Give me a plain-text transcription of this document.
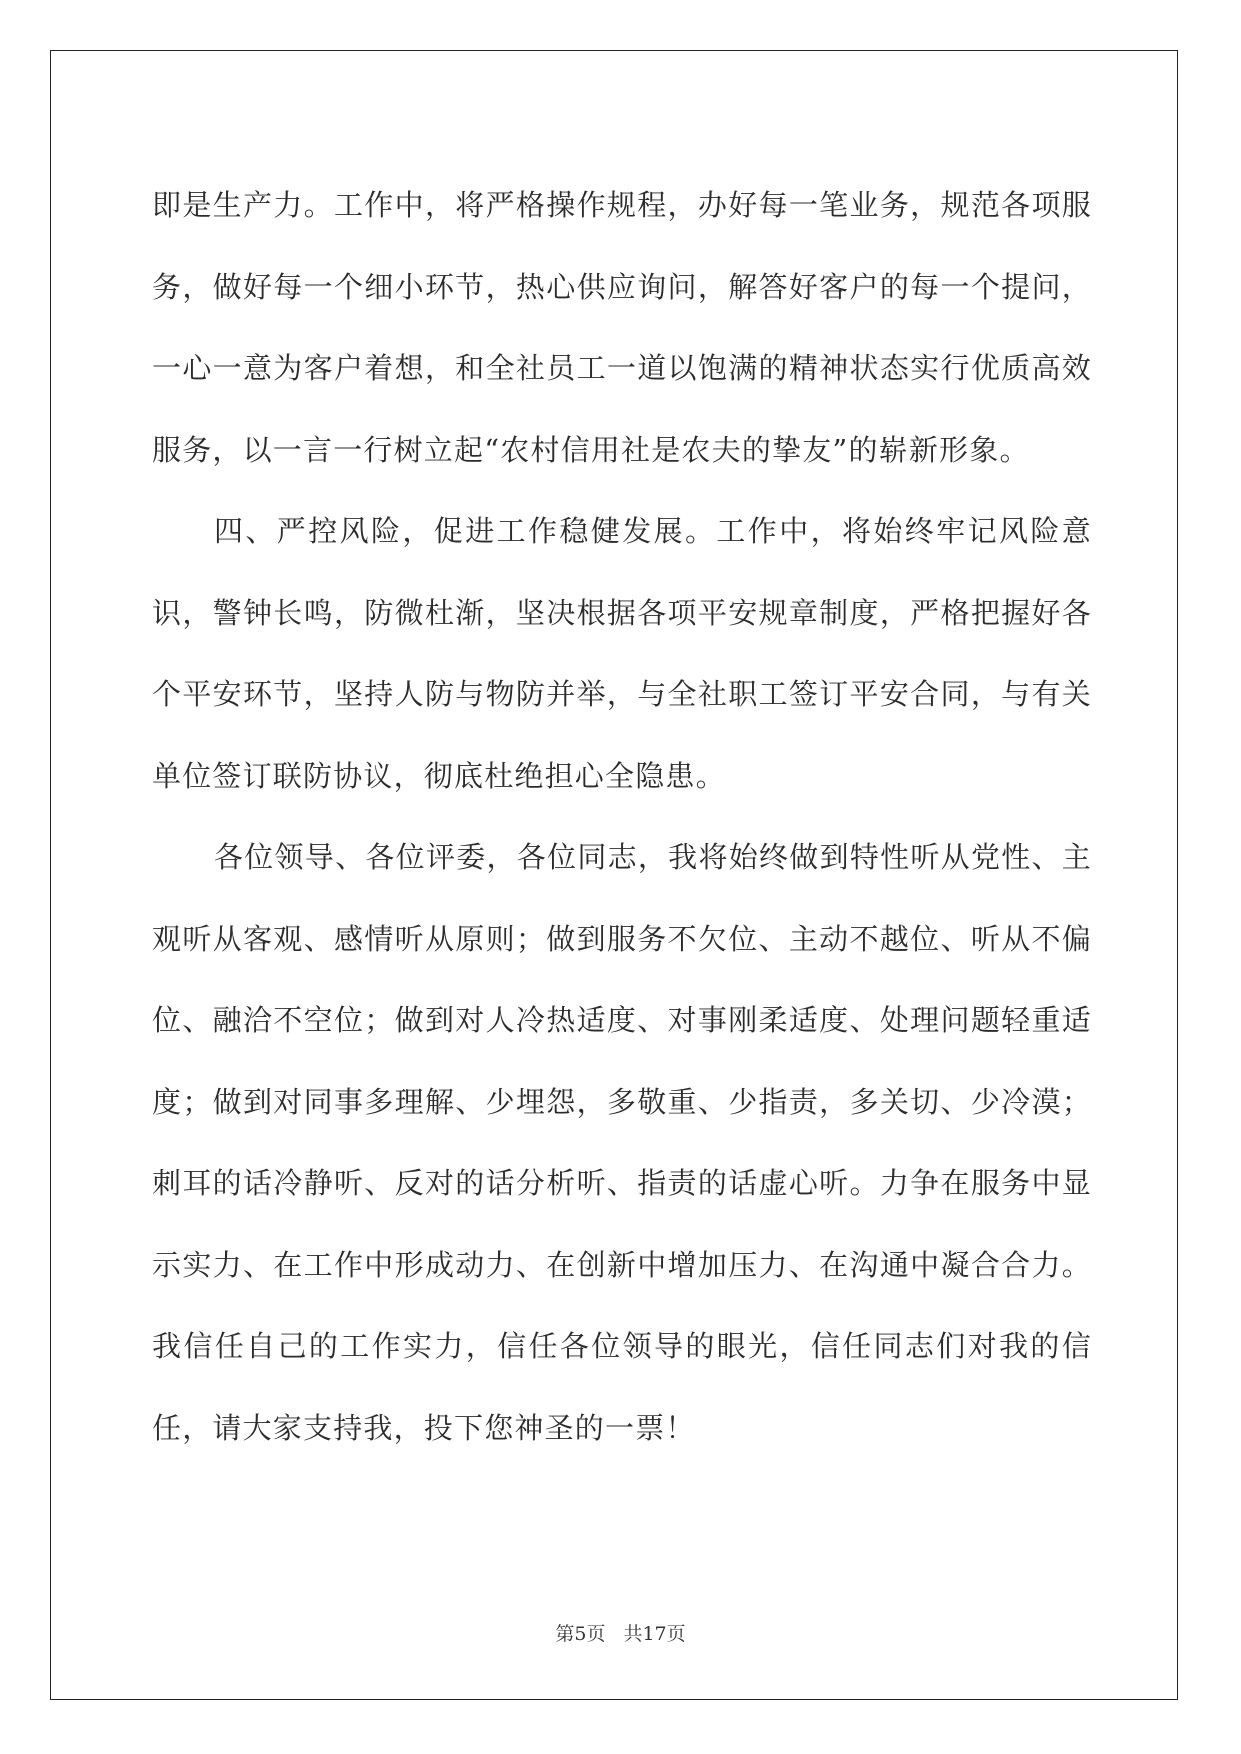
即是生产力。工作中，将严格操作规程，办好每一笔业务，规范各项服务，做好每一个细小环节，热心供应询问，解答好客户的每一个提问，一心一意为客户着想，和全社员工一道以饱满的精神状态实行优质高效服务，以一言一行树立起“农村信用社是农夫的挚友”的崭新形象。

四、严控风险，促进工作稳健发展。工作中，将始终牢记风险意识，警钟长鸣，防微杜渐，坚决根据各项平安规章制度，严格把握好各个平安环节，坚持人防与物防并举，与全社职工签订平安合同，与有关单位签订联防协议，彻底杜绝担心全隐患。

各位领导、各位评委，各位同志，我将始终做到特性听从党性、主观听从客观、感情听从原则；做到服务不欠位、主动不越位、听从不偏位、融洽不空位；做到对人冷热适度、对事刚柔适度、处理问题轻重适度；做到对同事多理解、少埋怨，多敬重、少指责，多关切、少冷漠；刺耳的话冷静听、反对的话分析听、指责的话虚心听。力争在服务中显示实力、在工作中形成动力、在创新中增加压力、在沟通中凝合合力。我信任自己的工作实力，信任各位领导的眼光，信任同志们对我的信任，请大家支持我，投下您神圣的一票！

第5页 共17页
